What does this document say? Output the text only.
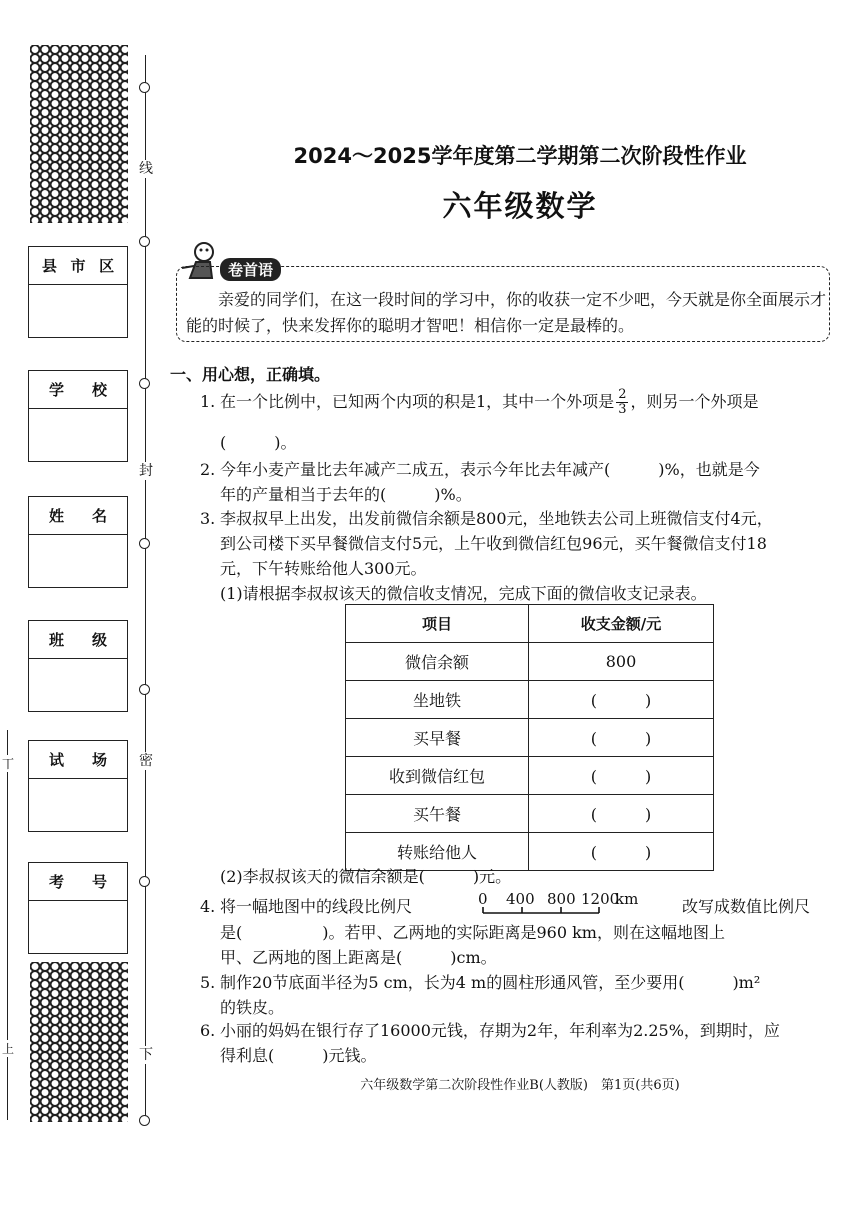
线
封
密
下
丅
上
县 市 区
学 校
姓 名
班 级
试 场
考 号
2024～2025学年度第二学期第二次阶段性作业
六年级数学
卷首语
亲爱的同学们，在这一段时间的学习中，你的收获一定不少吧，今天就是你全面展示才能的时候了，快来发挥你的聪明才智吧！相信你一定是最棒的。
一、用心想，正确填。
1. 在一个比例中，已知两个内项的积是1，其中一个外项是 $\frac{2}{3}$ ，则另一个外项是
(　　　)。
2. 今年小麦产量比去年减产二成五，表示今年比去年减产(　　　)%，也就是今
年的产量相当于去年的(　　　)%。
3. 李叔叔早上出发，出发前微信余额是800元，坐地铁去公司上班微信支付4元，
到公司楼下买早餐微信支付5元，上午收到微信红包96元，买午餐微信支付18
元，下午转账给他人300元。
(1)请根据李叔叔该天的微信收支情况，完成下面的微信收支记录表。
项目	收支金额/元
微信余额	800
坐地铁	(　　　)
买早餐	(　　　)
收到微信红包	(　　　)
买午餐	(　　　)
转账给他人	(　　　)
(2)李叔叔该天的微信余额是(　　　)元。
4. 将一幅地图中的线段比例尺	0 400 800 1200
km	改写成数值比例尺
是(　　　　　)。若甲、乙两地的实际距离是960 km，则在这幅地图上
甲、乙两地的图上距离是(　　　)cm。
5. 制作20节底面半径为5 cm，长为4 m的圆柱形通风管，至少要用(　　　)m²
的铁皮。
6. 小丽的妈妈在银行存了16000元钱，存期为2年，年利率为2.25%，到期时，应
得利息(　　　)元钱。
六年级数学第二次阶段性作业B(人教版)　第1页(共6页)
